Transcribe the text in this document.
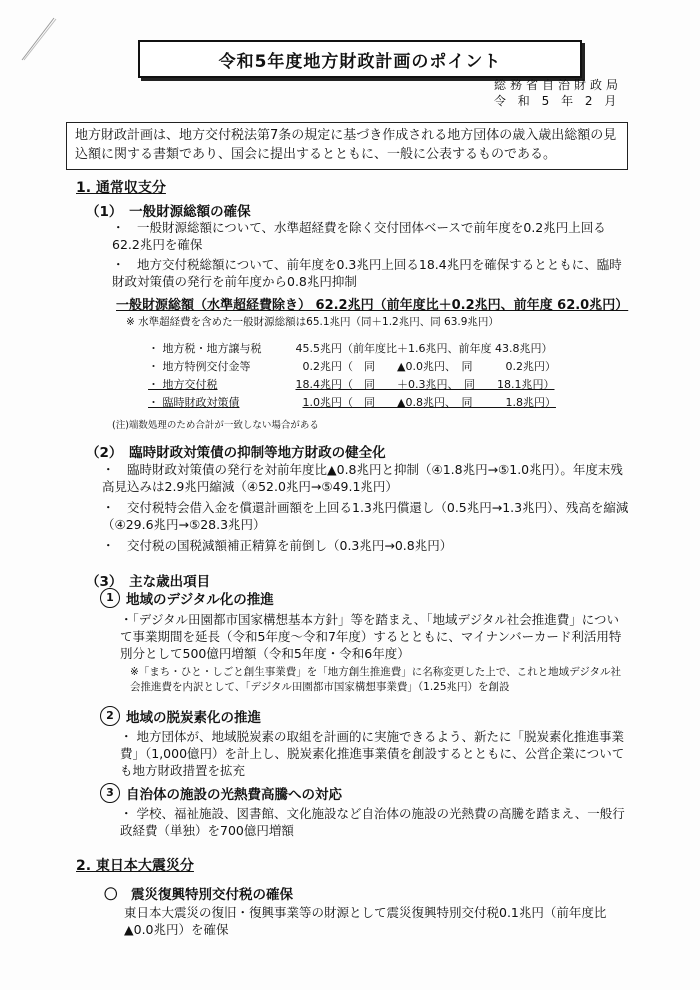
令和5年度地方財政計画のポイント
総務省自治財政局
令 和 5 年 2 月
地方財政計画は、地方交付税法第7条の規定に基づき作成される地方団体の歳入歳出総額の見込額に関する書類であり、国会に提出するとともに、一般に公表するものである。
1. 通常収支分
（1）　一般財源総額の確保
・　一般財源総額について、水準超経費を除く交付団体ベースで前年度を0.2兆円上回る62.2兆円を確保
・　地方交付税総額について、前年度を0.3兆円上回る18.4兆円を確保するとともに、臨時財政対策債の発行を前年度から0.8兆円抑制
一般財源総額（水準超経費除き） 62.2兆円（前年度比＋0.2兆円、前年度 62.0兆円）
※ 水準超経費を含めた一般財源総額は65.1兆円（同＋1.2兆円、同 63.9兆円）
・ 地方税・地方譲与税	45.5兆円 （前年度比＋1.6兆円、前年度 43.8兆円）
・ 地方特例交付金等	0.2兆円 （　同　　▲0.0兆円、　同　　　0.2兆円）
・ 地方交付税	18.4兆円 （　同　　＋0.3兆円、　同　　18.1兆円）
・ 臨時財政対策債	1.0兆円 （　同　　▲0.8兆円、　同　　　1.8兆円）
(注)端数処理のため合計が一致しない場合がある
（2）　臨時財政対策債の抑制等地方財政の健全化
・　臨時財政対策債の発行を対前年度比▲0.8兆円と抑制（④1.8兆円→⑤1.0兆円）。年度末残高見込みは2.9兆円縮減（④52.0兆円→⑤49.1兆円）
・　交付税特会借入金を償還計画額を上回る1.3兆円償還し（0.5兆円→1.3兆円）、残高を縮減（④29.6兆円→⑤28.3兆円）
・　交付税の国税減額補正精算を前倒し（0.3兆円→0.8兆円）
（3）　主な歳出項目
1 地域のデジタル化の推進
・「デジタル田園都市国家構想基本方針」等を踏まえ、「地域デジタル社会推進費」について事業期間を延長（令和5年度～令和7年度）するとともに、マイナンバーカード利活用特別分として500億円増額（令和5年度・令和6年度）
※「まち・ひと・しごと創生事業費」を「地方創生推進費」に名称変更した上で、これと地域デジタル社会推進費を内訳として、「デジタル田園都市国家構想事業費」（1.25兆円）を創設
2 地域の脱炭素化の推進
・ 地方団体が、地域脱炭素の取組を計画的に実施できるよう、新たに「脱炭素化推進事業費」（1,000億円）を計上し、脱炭素化推進事業債を創設するとともに、公営企業についても地方財政措置を拡充
3 自治体の施設の光熱費高騰への対応
・ 学校、福祉施設、図書館、文化施設など自治体の施設の光熱費の高騰を踏まえ、一般行政経費（単独）を700億円増額
2. 東日本大震災分
〇　震災復興特別交付税の確保
東日本大震災の復旧・復興事業等の財源として震災復興特別交付税0.1兆円（前年度比▲0.0兆円）を確保
